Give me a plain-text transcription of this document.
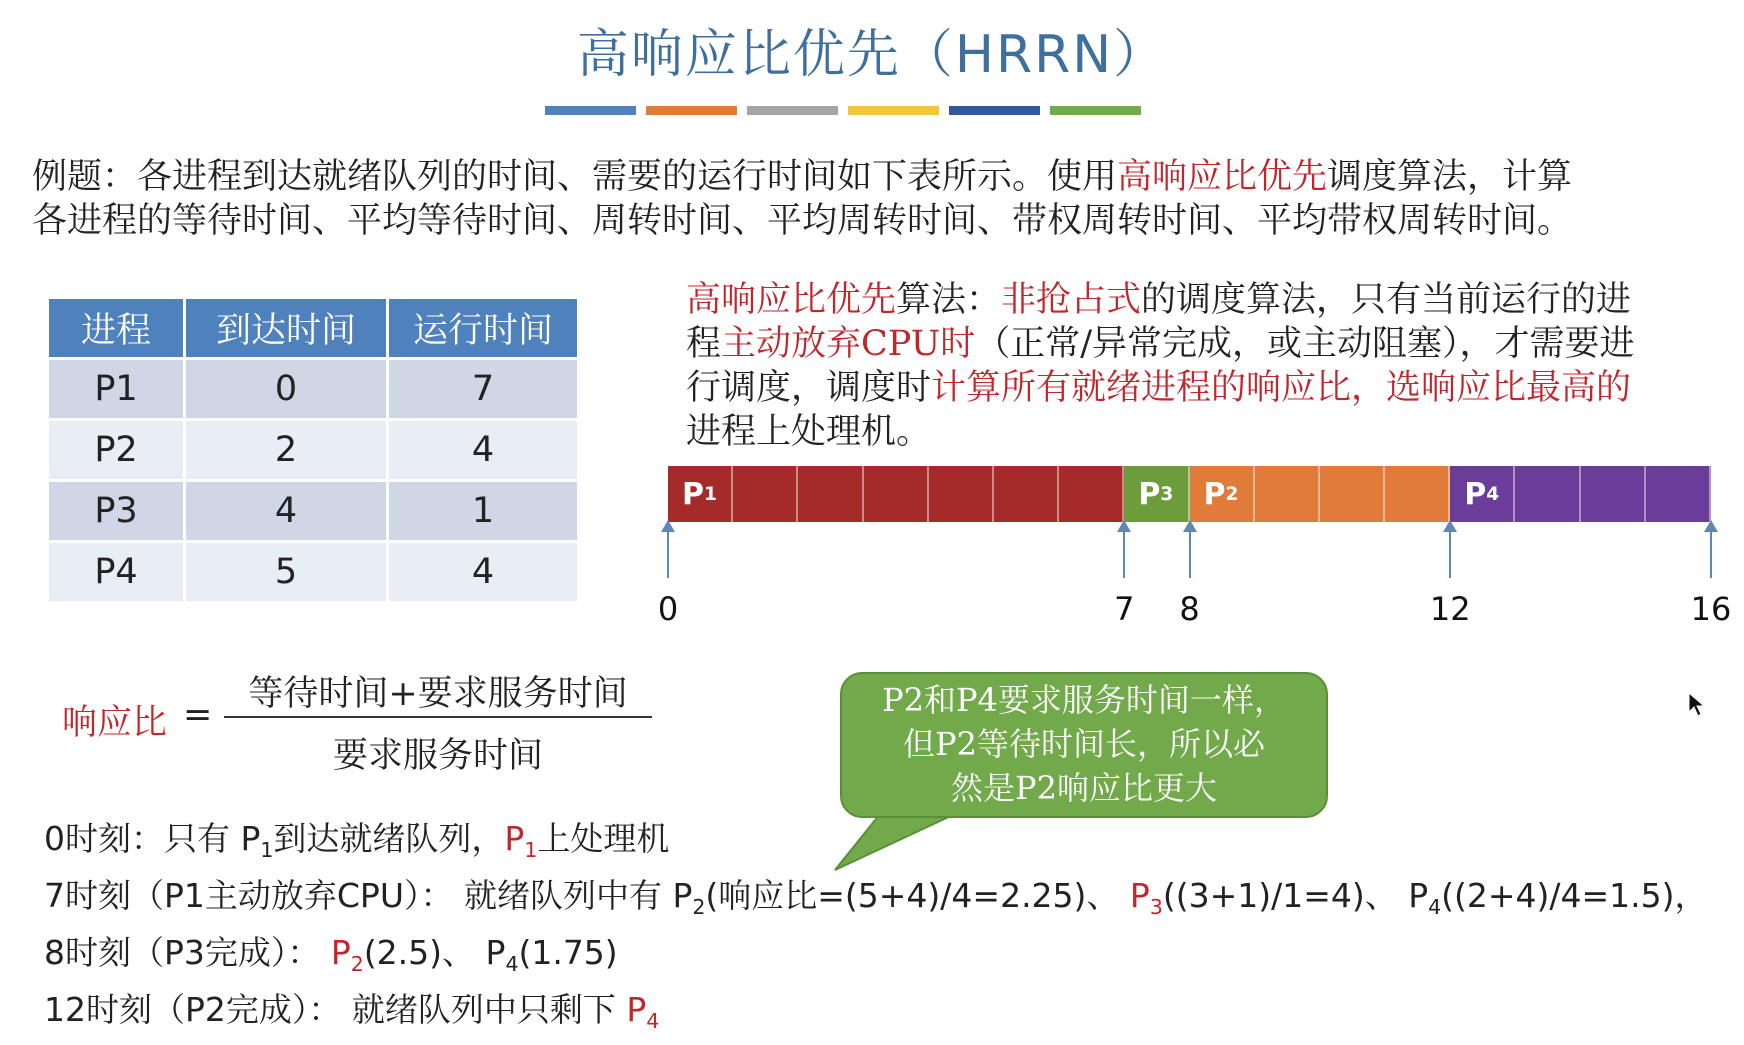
高响应比优先（HRRN）
例题：各进程到达就绪队列的时间、需要的运行时间如下表所示。使用高响应比优先调度算法，计算
各进程的等待时间、平均等待时间、周转时间、平均周转时间、带权周转时间、平均带权周转时间。
进程	到达时间	运行时间
P1	0	7
P2	2	4
P3	4	1
P4	5	4
高响应比优先算法：非抢占式的调度算法，只有当前运行的进
程主动放弃CPU时（正常/异常完成，或主动阻塞），才需要进
行调度，调度时计算所有就绪进程的响应比，选响应比最高的
进程上处理机。
P 1	P 3 P 2	P 4
0	7 8	12	16
响应比 =
等待时间+要求服务时间
要求服务时间
P2和P4要求服务时间一样，
但P2等待时间长，所以必
然是P2响应比更大
0时刻：只有 $P_1$到达就绪队列，$P_1$上处理机
7时刻（P1主动放弃CPU）： 就绪队列中有 $P_2$(响应比=(5+4)/4=2.25)、 $P_3((3+1)/1=4)$、 $P_4((2+4)/4=1.5)$，
8时刻（P3完成）： $P_2(2.5)$、 $P_4(1.75)$
12时刻（P2完成）： 就绪队列中只剩下 $P_4$
